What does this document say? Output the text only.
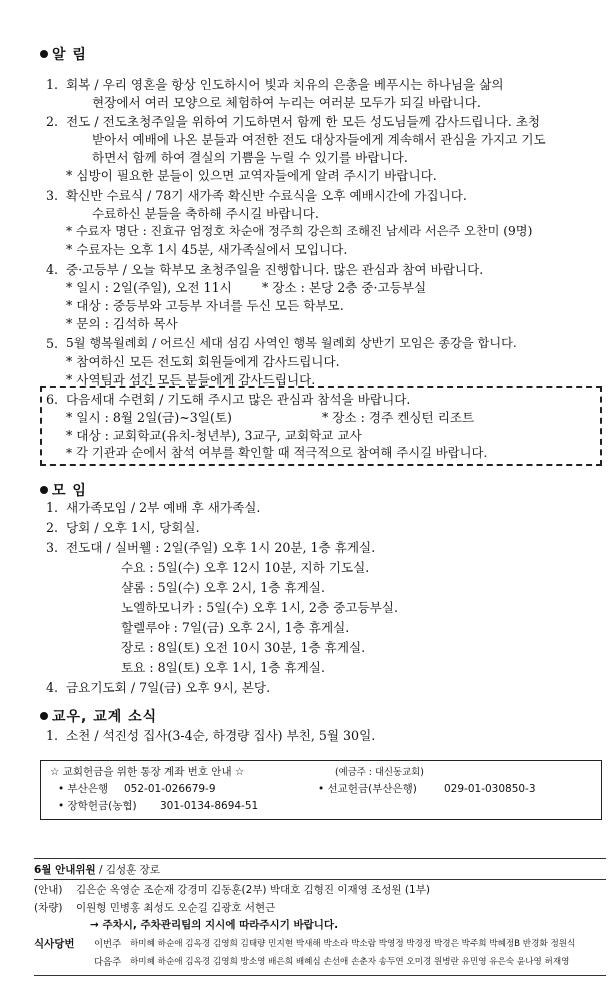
알 림
1. 회복 / 우리 영혼을 항상 인도하시어 빛과 치유의 은총을 베푸시는 하나님을 삶의
현장에서 여러 모양으로 체험하여 누리는 여러분 모두가 되길 바랍니다.
2. 전도 / 전도초청주일을 위하여 기도하면서 함께 한 모든 성도님들께 감사드립니다. 초청
받아서 예배에 나온 분들과 여전한 전도 대상자들에게 계속해서 관심을 가지고 기도
하면서 함께 하여 결실의 기쁨을 누릴 수 있기를 바랍니다.
* 심방이 필요한 분들이 있으면 교역자들에게 알려 주시기 바랍니다.
3. 확신반 수료식 / 78기 새가족 확신반 수료식을 오후 예배시간에 가집니다.
수료하신 분들을 축하해 주시길 바랍니다.
* 수료자 명단 : 진효규 엄정호 차순애 정주희 강은희 조해진 남세라 서은주 오찬미 (9명)
* 수료자는 오후 1시 45분, 새가족실에서 모입니다.
4. 중·고등부 / 오늘 학부모 초청주일을 진행합니다. 많은 관심과 참여 바랍니다.
* 일시 : 2일(주일), 오전 11시 * 장소 : 본당 2층 중·고등부실
* 대상 : 중등부와 고등부 자녀를 두신 모든 학부모.
* 문의 : 김석하 목사
5. 5월 행복월례회 / 어르신 세대 섬김 사역인 행복 월례회 상반기 모임은 종강을 합니다.
* 참여하신 모든 전도회 회원들에게 감사드립니다.
* 사역팀과 섬긴 모든 분들에게 감사드립니다.
6. 다음세대 수련회 / 기도해 주시고 많은 관심과 참석을 바랍니다.
* 일시 : 8월 2일(금)~3일(토)	* 장소 : 경주 켄싱턴 리조트
* 대상 : 교회학교(유치-청년부), 3교구, 교회학교 교사
* 각 기관과 순에서 참석 여부를 확인할 때 적극적으로 참여해 주시길 바랍니다.
모 임
1. 새가족모임 / 2부 예배 후 새가족실.
2. 당회 / 오후 1시, 당회실.
3. 전도대 / 실버웰 : 2일(주일) 오후 1시 20분, 1층 휴게실.
수요 : 5일(수) 오후 12시 10분, 지하 기도실.
샬롬 : 5일(수) 오후 2시, 1층 휴게실.
노엘하모니카 : 5일(수) 오후 1시, 2층 중고등부실.
할렐루야 : 7일(금) 오후 2시, 1층 휴게실.
장로 : 8일(토) 오전 10시 30분, 1층 휴게실.
토요 : 8일(토) 오후 1시, 1층 휴게실.
4. 금요기도회 / 7일(금) 오후 9시, 본당.
교우, 교계 소식
1. 소천 / 석진성 집사(3-4순, 하경량 집사) 부친, 5월 30일.
☆ 교회헌금을 위한 통장 계좌 번호 안내 ☆	(예금주 : 대신동교회)
• 부산은행 052-01-026679-9	• 선교헌금(부산은행)	029-01-030850-3
• 장학헌금(농협) 301-0134-8694-51
6월 안내위원 / 김성훈 장로
(안내) 김은순 옥영순 조순재 강경미 김동훈(2부) 박대호 김형진 이재영 조성원 (1부)
(차량) 이원형 민병홍 최성도 오순길 김광호 서현근
→ 주차시, 주차관리팀의 지시에 따라주시기 바랍니다.
식사당번 이번주 하미혜 하순애 김옥경 김영희 김태량 민지현 박새해 박소라 박소람 박영정 박경정 박경은 박주희 박혜정B 반경화 정원식
다음주 하미혜 하순애 김옥경 김영희 방소영 배은희 배혜심 손선애 손춘자 송두연 오미경 원병란 유민영 유은숙 윤나영 허재영
